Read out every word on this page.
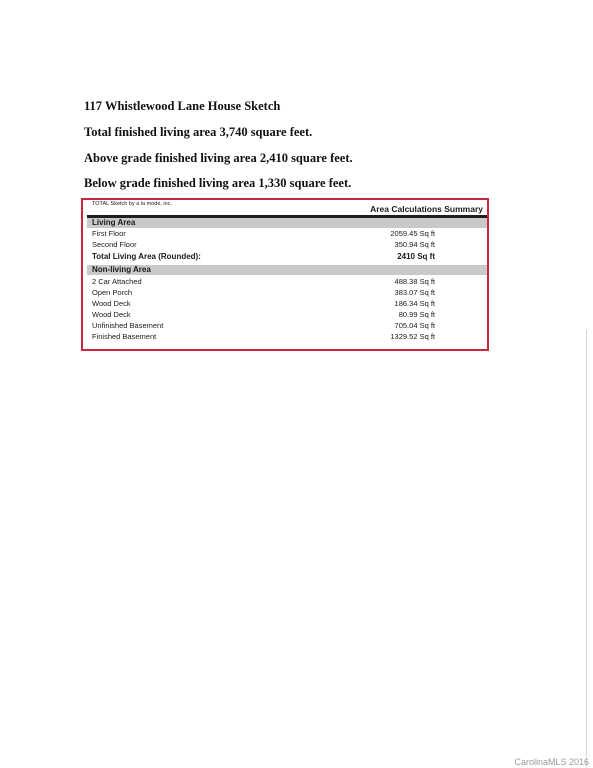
117 Whistlewood Lane House Sketch
Total finished living area 3,740 square feet.
Above grade finished living area 2,410 square feet.
Below grade finished living area 1,330 square feet.
TOTAL Sketch by a la mode, inc.	Area Calculations Summary
Living Area
First Floor	2059.45 Sq ft
Second Floor	350.94 Sq ft
Total Living Area (Rounded):	2410 Sq ft
Non-living Area
2 Car Attached	488.38 Sq ft
Open Porch	383.07 Sq ft
Wood Deck	186.34 Sq ft
Wood Deck	80.99 Sq ft
Unfinished Basement	705.04 Sq ft
Finished Basement	1329.52 Sq ft
CarolinaMLS 2016
